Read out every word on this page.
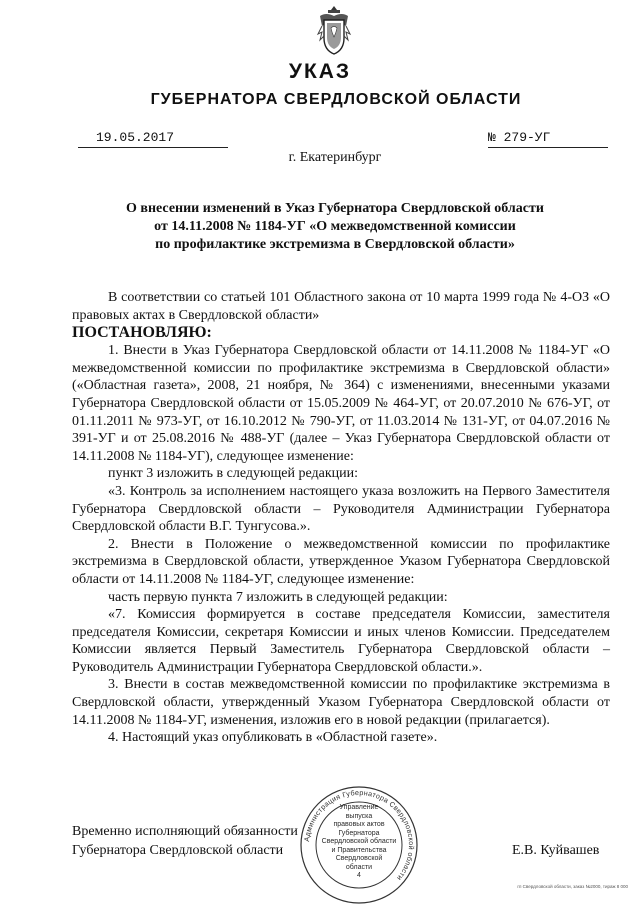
УКАЗ
ГУБЕРНАТОРА СВЕРДЛОВСКОЙ ОБЛАСТИ
19.05.2017	№ 279-УГ
г. Екатеринбург
О внесении изменений в Указ Губернатора Свердловской области
от 14.11.2008 № 1184-УГ «О межведомственной комиссии
по профилактике экстремизма в Свердловской области»

В соответствии со статьей 101 Областного закона от 10 марта 1999 года № 4-ОЗ «О правовых актах в Свердловской области»

ПОСТАНОВЛЯЮ:

1. Внести в Указ Губернатора Свердловской области от 14.11.2008 № 1184-УГ «О межведомственной комиссии по профилактике экстремизма в Свердловской области» («Областная газета», 2008, 21 ноября, № 364) с изменениями, внесенными указами Губернатора Свердловской области от 15.05.2009 № 464-УГ, от 20.07.2010 № 676-УГ, от 01.11.2011 № 973-УГ, от 16.10.2012 № 790-УГ, от 11.03.2014 № 131-УГ, от 04.07.2016 № 391-УГ и от 25.08.2016 № 488-УГ (далее – Указ Губернатора Свердловской области от 14.11.2008 № 1184-УГ), следующее изменение:

пункт 3 изложить в следующей редакции:

«3. Контроль за исполнением настоящего указа возложить на Первого Заместителя Губернатора Свердловской области – Руководителя Администрации Губернатора Свердловской области В.Г. Тунгусова.».

2. Внести в Положение о межведомственной комиссии по профилактике экстремизма в Свердловской области, утвержденное Указом Губернатора Свердловской области от 14.11.2008 № 1184-УГ, следующее изменение:

часть первую пункта 7 изложить в следующей редакции:

«7. Комиссия формируется в составе председателя Комиссии, заместителя председателя Комиссии, секретаря Комиссии и иных членов Комиссии. Председателем Комиссии является Первый Заместитель Губернатора Свердловской области – Руководитель Администрации Губернатора Свердловской области.».

3. Внести в состав межведомственной комиссии по профилактике экстремизма в Свердловской области, утвержденный Указом Губернатора Свердловской области от 14.11.2008 № 1184-УГ, изменения, изложив его в новой редакции (прилагается).

4. Настоящий указ опубликовать в «Областной газете».

Администрация Губернатора Свердловской области
Управление
выпуска
правовых актов
Губернатора
Свердловской области
и Правительства
Свердловской
области
4
Временно исполняющий обязанности
Губернатора Свердловской области	Е.В. Куйвашев
гп Свердловской области, заказ №2000, тираж 8 000
